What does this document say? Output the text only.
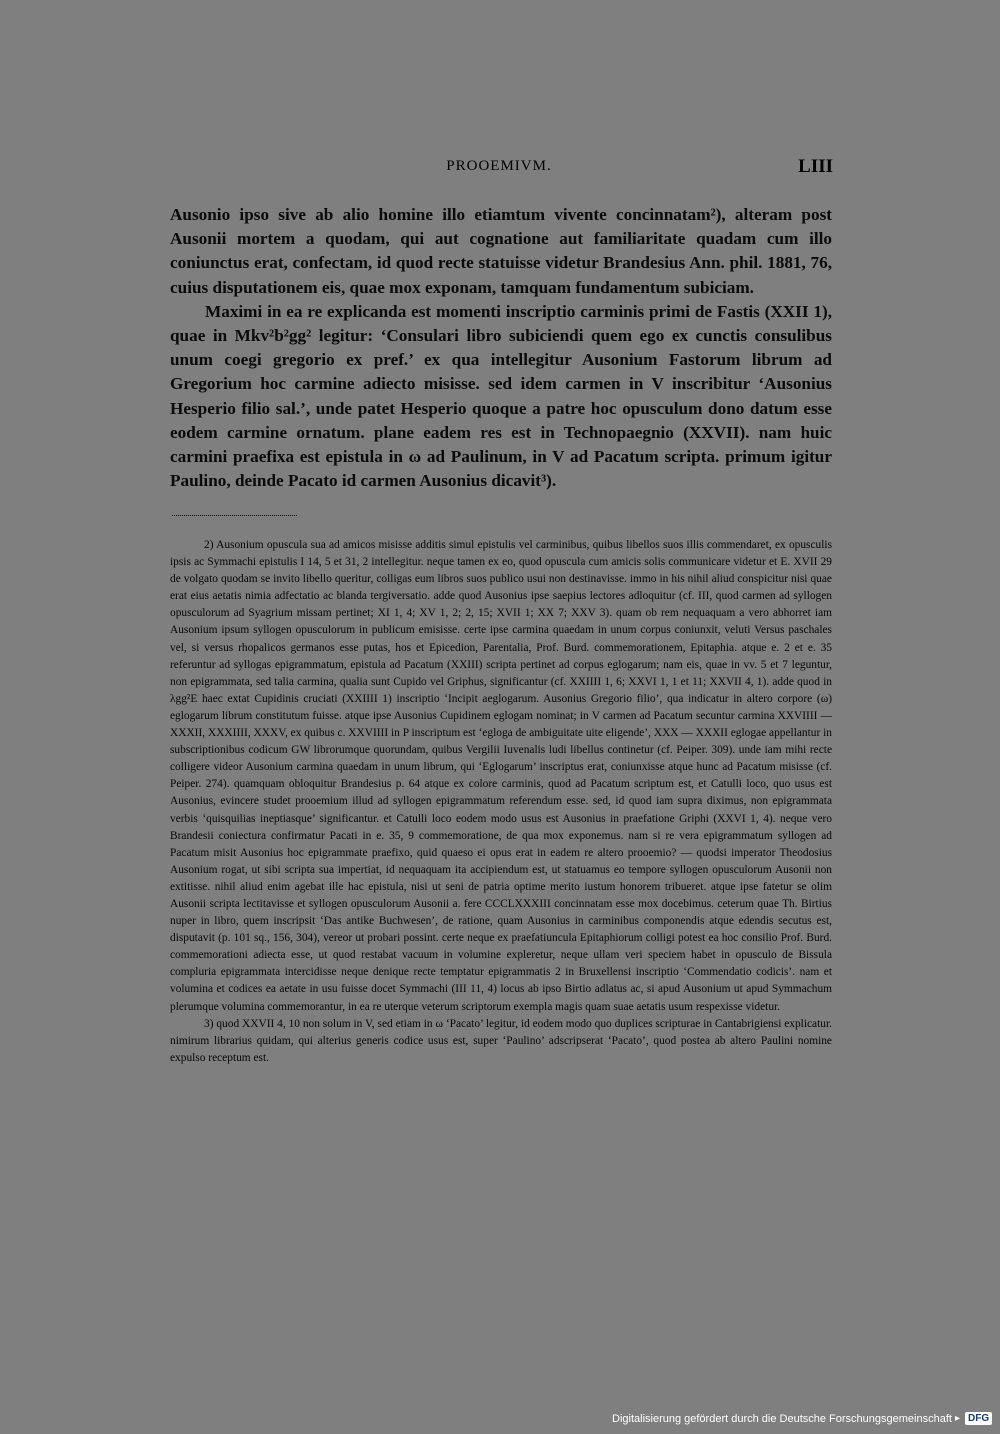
PROOEMIVM.	LIII

Ausonio ipso sive ab alio homine illo etiamtum vivente concinnatam²), alteram post Ausonii mortem a quodam, qui aut cognatione aut familiaritate quadam cum illo coniunctus erat, confectam, id quod recte statuisse videtur Brandesius Ann. phil. 1881, 76, cuius disputationem eis, quae mox exponam, tamquam fundamentum subiciam.

Maximi in ea re explicanda est momenti inscriptio carminis primi de Fastis (XXII 1), quae in Mkv²b²gg² legitur: ‘Consulari libro subiciendi quem ego ex cunctis consulibus unum coegi gregorio ex pref.’ ex qua intellegitur Ausonium Fastorum librum ad Gregorium hoc carmine adiecto misisse. sed idem carmen in V inscribitur ‘Ausonius Hesperio filio sal.’, unde patet Hesperio quoque a patre hoc opusculum dono datum esse eodem carmine ornatum. plane eadem res est in Technopaegnio (XXVII). nam huic carmini praefixa est epistula in ω ad Paulinum, in V ad Pacatum scripta. primum igitur Paulino, deinde Pacato id carmen Ausonius dicavit³).

2) Ausonium opuscula sua ad amicos misisse additis simul epistulis vel carminibus, quibus libellos suos illis commendaret, ex opusculis ipsis ac Symmachi epistulis I 14, 5 et 31, 2 intellegitur. neque tamen ex eo, quod opuscula cum amicis solis communicare videtur et E. XVII 29 de volgato quodam se invito libello queritur, colligas eum libros suos publico usui non destinavisse. immo in his nihil aliud conspicitur nisi quae erat eius aetatis nimia adfectatio ac blanda tergiversatio. adde quod Ausonius ipse saepius lectores adloquitur (cf. III, quod carmen ad syllogen opusculorum ad Syagrium missam pertinet; XI 1, 4; XV 1, 2; 2, 15; XVII 1; XX 7; XXV 3). quam ob rem nequaquam a vero abhorret iam Ausonium ipsum syllogen opusculorum in publicum emisisse. certe ipse carmina quaedam in unum corpus coniunxit, veluti Versus paschales vel, si versus rhopalicos germanos esse putas, hos et Epicedion, Parentalia, Prof. Burd. commemorationem, Epitaphia. atque e. 2 et e. 35 referuntur ad syllogas epigrammatum, epistula ad Pacatum (XXIII) scripta pertinet ad corpus eglogarum; nam eis, quae in vv. 5 et 7 leguntur, non epigrammata, sed talia carmina, qualia sunt Cupido vel Griphus, significantur (cf. XXIIII 1, 6; XXVI 1, 1 et 11; XXVII 4, 1). adde quod in λgg²E haec extat Cupidinis cruciati (XXIIII 1) inscriptio ‘Incipit aeglogarum. Ausonius Gregorio filio’, qua indicatur in altero corpore (ω) eglogarum librum constitutum fuisse. atque ipse Ausonius Cupidinem eglogam nominat; in V carmen ad Pacatum secuntur carmina XXVIIII — XXXII, XXXIIII, XXXV, ex quibus c. XXVIIII in P inscriptum est ‘egloga de ambiguitate uite eligende’, XXX — XXXII eglogae appellantur in subscriptionibus codicum GW librorumque quorundam, quibus Vergilii Iuvenalis ludi libellus continetur (cf. Peiper. 309). unde iam mihi recte colligere videor Ausonium carmina quaedam in unum librum, qui ‘Eglogarum’ inscriptus erat, coniunxisse atque hunc ad Pacatum misisse (cf. Peiper. 274). quamquam obloquitur Brandesius p. 64 atque ex colore carminis, quod ad Pacatum scriptum est, et Catulli loco, quo usus est Ausonius, evincere studet prooemium illud ad syllogen epigrammatum referendum esse. sed, id quod iam supra diximus, non epigrammata verbis ‘quisquilias ineptiasque’ significantur. et Catulli loco eodem modo usus est Ausonius in praefatione Griphi (XXVI 1, 4). neque vero Brandesii coniectura confirmatur Pacati in e. 35, 9 commemoratione, de qua mox exponemus. nam si re vera epigrammatum syllogen ad Pacatum misit Ausonius hoc epigrammate praefixo, quid quaeso ei opus erat in eadem re altero prooemio? — quodsi imperator Theodosius Ausonium rogat, ut sibi scripta sua impertiat, id nequaquam ita accipiendum est, ut statuamus eo tempore syllogen opusculorum Ausonii non extitisse. nihil aliud enim agebat ille hac epistula, nisi ut seni de patria optime merito iustum honorem tribueret. atque ipse fatetur se olim Ausonii scripta lectitavisse et syllogen opusculorum Ausonii a. fere CCCLXXXIII concinnatam esse mox docebimus. ceterum quae Th. Birtius nuper in libro, quem inscripsit ‘Das antike Buchwesen’, de ratione, quam Ausonius in carminibus componendis atque edendis secutus est, disputavit (p. 101 sq., 156, 304), vereor ut probari possint. certe neque ex praefatiuncula Epitaphiorum colligi potest ea hoc consilio Prof. Burd. commemorationi adiecta esse, ut quod restabat vacuum in volumine expleretur, neque ullam veri speciem habet in opusculo de Bissula compluria epigrammata intercidisse neque denique recte temptatur epigrammatis 2 in Bruxellensi inscriptio ‘Commendatio codicis’. nam et volumina et codices ea aetate in usu fuisse docet Symmachi (III 11, 4) locus ab ipso Birtio adlatus ac, si apud Ausonium ut apud Symmachum plerumque volumina commemorantur, in ea re uterque veterum scriptorum exempla magis quam suae aetatis usum respexisse videtur.

3) quod XXVII 4, 10 non solum in V, sed etiam in ω ‘Pacato’ legitur, id eodem modo quo duplices scripturae in Cantabrigiensi explicatur. nimirum librarius quidam, qui alterius generis codice usus est, super ‘Paulino’ adscripserat ‘Pacato’, quod postea ab altero Paulini nomine expulso receptum est.

Digitalisierung gefördert durch die Deutsche Forschungsgemeinschaft ▸ DFG
